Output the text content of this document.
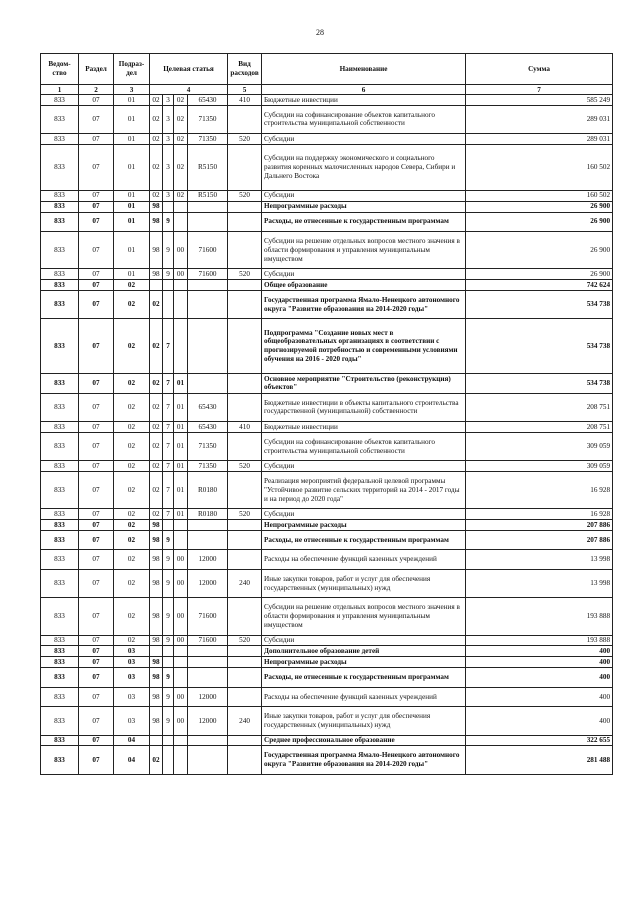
28
Ведом-ство	Раздел	Подраз-дел	Целевая статья				Вид расходов	Наименование	Сумма
1	2	3	4				5	6	7
833	07	01	02	3	02	65430	410	Бюджетные инвестиции	585 249
833	07	01	02	3	02	71350		Субсидии на софинансирование объектов капитального строительства муниципальной собственности	289 031
833	07	01	02	3	02	71350	520	Субсидии	289 031
833	07	01	02	3	02	R5150		Субсидии на поддержку экономического и социального развития коренных малочисленных народов Севера, Сибири и Дальнего Востока	160 502
833	07	01	02	3	02	R5150	520	Субсидии	160 502
833	07	01	98					Непрограммные расходы	26 900
833	07	01	98	9				Расходы, не отнесенные к государственным программам	26 900
833	07	01	98	9	00	71600		Субсидии на решение отдельных вопросов местного значения в области формирования и управления муниципальным имуществом	26 900
833	07	01	98	9	00	71600	520	Субсидии	26 900
833	07	02						Общее образование	742 624
833	07	02	02					Государственная программа Ямало-Ненецкого автономного округа "Развитие образования на 2014-2020 годы"	534 738
833	07	02	02	7				Подпрограмма "Создание новых мест в общеобразовательных организациях в соответствии с прогнозируемой потребностью и современными условиями обучения на 2016 - 2020 годы"	534 738
833	07	02	02	7	01			Основное мероприятие "Строительство (реконструкция) объектов"	534 738
833	07	02	02	7	01	65430		Бюджетные инвестиции в объекты капитального строительства государственной (муниципальной) собственности	208 751
833	07	02	02	7	01	65430	410	Бюджетные инвестиции	208 751
833	07	02	02	7	01	71350		Субсидии на софинансирование объектов капитального строительства муниципальной собственности	309 059
833	07	02	02	7	01	71350	520	Субсидии	309 059
833	07	02	02	7	01	R0180		Реализация мероприятий федеральной целевой программы "Устойчивое развитие сельских территорий на 2014 - 2017 годы и на период до 2020 года"	16 928
833	07	02	02	7	01	R0180	520	Субсидии	16 928
833	07	02	98					Непрограммные расходы	207 886
833	07	02	98	9				Расходы, не отнесенные к государственным программам	207 886
833	07	02	98	9	00	12000		Расходы на обеспечение функций казенных учреждений	13 998
833	07	02	98	9	00	12000	240	Иные закупки товаров, работ и услуг для обеспечения государственных (муниципальных) нужд	13 998
833	07	02	98	9	00	71600		Субсидии на решение отдельных вопросов местного значения в области формирования и управления муниципальным имуществом	193 888
833	07	02	98	9	00	71600	520	Субсидии	193 888
833	07	03						Дополнительное образование детей	400
833	07	03	98					Непрограммные расходы	400
833	07	03	98	9				Расходы, не отнесенные к государственным программам	400
833	07	03	98	9	00	12000		Расходы на обеспечение функций казенных учреждений	400
833	07	03	98	9	00	12000	240	Иные закупки товаров, работ и услуг для обеспечения государственных (муниципальных) нужд	400
833	07	04						Среднее профессиональное образование	322 655
833	07	04	02					Государственная программа Ямало-Ненецкого автономного округа "Развитие образования на 2014-2020 годы"	281 488
